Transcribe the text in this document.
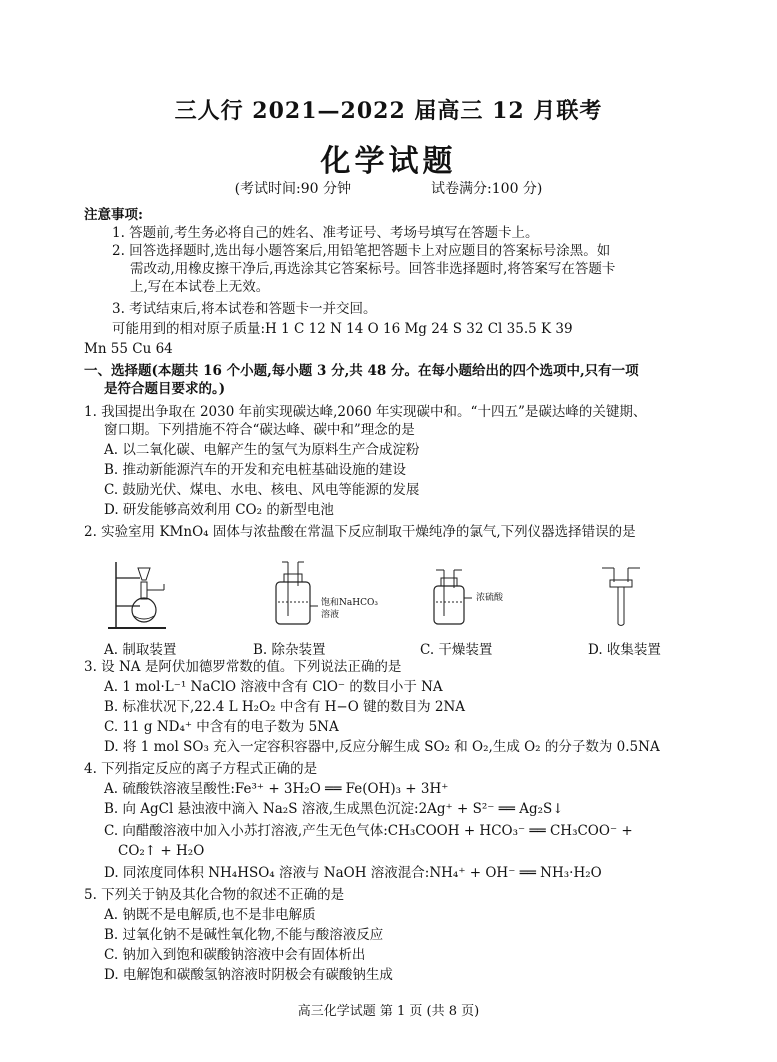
三人行 2021—2022 届高三 12 月联考
化学试题
(考试时间:90 分钟	试卷满分:100 分)
注意事项:
1. 答题前,考生务必将自己的姓名、准考证号、考场号填写在答题卡上。
2. 回答选择题时,选出每小题答案后,用铅笔把答题卡上对应题目的答案标号涂黑。如
需改动,用橡皮擦干净后,再选涂其它答案标号。回答非选择题时,将答案写在答题卡
上,写在本试卷上无效。
3. 考试结束后,将本试卷和答题卡一并交回。
可能用到的相对原子质量:H 1 C 12 N 14 O 16 Mg 24 S 32 Cl 35.5 K 39
Mn 55 Cu 64
一、选择题(本题共 16 个小题,每小题 3 分,共 48 分。在每小题给出的四个选项中,只有一项
是符合题目要求的。)
1. 我国提出争取在 2030 年前实现碳达峰,2060 年实现碳中和。“十四五”是碳达峰的关键期、
窗口期。下列措施不符合“碳达峰、碳中和”理念的是
A. 以二氧化碳、电解产生的氢气为原料生产合成淀粉
B. 推动新能源汽车的开发和充电桩基础设施的建设
C. 鼓励光伏、煤电、水电、核电、风电等能源的发展
D. 研发能够高效利用 CO₂ 的新型电池
2. 实验室用 KMnO₄ 固体与浓盐酸在常温下反应制取干燥纯净的氯气,下列仪器选择错误的是
饱和NaHCO₃
溶液
浓硫酸
A. 制取装置	B. 除杂装置	C. 干燥装置	D. 收集装置
3. 设 NA 是阿伏加德罗常数的值。下列说法正确的是
A. 1 mol·L⁻¹ NaClO 溶液中含有 ClO⁻ 的数目小于 NA
B. 标准状况下,22.4 L H₂O₂ 中含有 H−O 键的数目为 2NA
C. 11 g ND₄⁺ 中含有的电子数为 5NA
D. 将 1 mol SO₃ 充入一定容积容器中,反应分解生成 SO₂ 和 O₂,生成 O₂ 的分子数为 0.5NA
4. 下列指定反应的离子方程式正确的是
A. 硫酸铁溶液呈酸性:Fe³⁺ + 3H₂O ══ Fe(OH)₃ + 3H⁺
B. 向 AgCl 悬浊液中滴入 Na₂S 溶液,生成黑色沉淀:2Ag⁺ + S²⁻ ══ Ag₂S↓
C. 向醋酸溶液中加入小苏打溶液,产生无色气体:CH₃COOH + HCO₃⁻ ══ CH₃COO⁻ +
CO₂↑ + H₂O
D. 同浓度同体积 NH₄HSO₄ 溶液与 NaOH 溶液混合:NH₄⁺ + OH⁻ ══ NH₃·H₂O
5. 下列关于钠及其化合物的叙述不正确的是
A. 钠既不是电解质,也不是非电解质
B. 过氧化钠不是碱性氧化物,不能与酸溶液反应
C. 钠加入到饱和碳酸钠溶液中会有固体析出
D. 电解饱和碳酸氢钠溶液时阴极会有碳酸钠生成
高三化学试题 第 1 页 (共 8 页)
